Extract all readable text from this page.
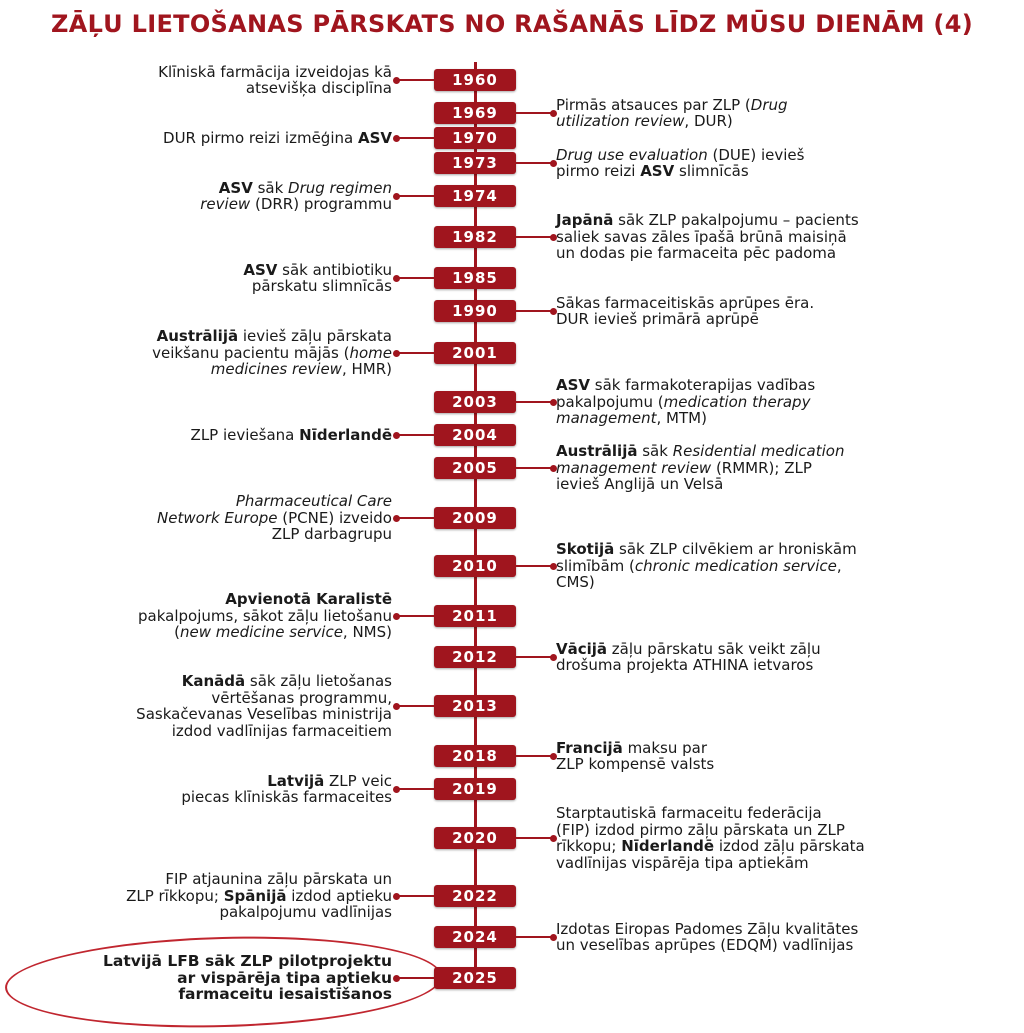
ZĀĻU LIETOŠANAS PĀRSKATS NO RAŠANĀS LĪDZ MŪSU DIENĀM (4)
1960
Klīniskā farmācija izveidojas kā
atsevišķa disciplīna
1969	Pirmās atsauces par ZLP (Drug
utilization review, DUR)
1970
DUR pirmo reizi izmēģina ASV
1973	Drug use evaluation (DUE) ievieš
pirmo reizi ASV slimnīcās
1974
ASV sāk Drug regimen
review (DRR) programmu
1982
Japānā sāk ZLP pakalpojumu – pacients
saliek savas zāles īpašā brūnā maisiņā
un dodas pie farmaceita pēc padoma
1985
ASV sāk antibiotiku
pārskatu slimnīcās
1990	Sākas farmaceitiskās aprūpes ēra.
DUR ievieš primārā aprūpē
2001
Austrālijā ievieš zāļu pārskata
veikšanu pacientu mājās (home
medicines review, HMR)
2003
ASV sāk farmakoterapijas vadības
pakalpojumu (medication therapy
management, MTM)
2004
ZLP ieviešana Nīderlandē
2005
Austrālijā sāk Residential medication
management review (RMMR); ZLP
ievieš Anglijā un Velsā
2009
Pharmaceutical Care
Network Europe (PCNE) izveido
ZLP darbagrupu
2010
Skotijā sāk ZLP cilvēkiem ar hroniskām
slimībām (chronic medication service,
CMS)
2011
Apvienotā Karalistē
pakalpojums, sākot zāļu lietošanu
(new medicine service, NMS)
2012	Vācijā zāļu pārskatu sāk veikt zāļu
drošuma projekta ATHINA ietvaros
2013
Kanādā sāk zāļu lietošanas
vērtēšanas programmu,
Saskačevanas Veselības ministrija
izdod vadlīnijas farmaceitiem
2018	Francijā maksu par
ZLP kompensē valsts
2019
Latvijā ZLP veic
piecas klīniskās farmaceites
2020
Starptautiskā farmaceitu federācija
(FIP) izdod pirmo zāļu pārskata un ZLP
rīkkopu; Nīderlandē izdod zāļu pārskata
vadlīnijas vispārēja tipa aptiekām
2022
FIP atjaunina zāļu pārskata un
ZLP rīkkopu; Spānijā izdod aptieku
pakalpojumu vadlīnijas
2024	Izdotas Eiropas Padomes Zāļu kvalitātes
un veselības aprūpes (EDQM) vadlīnijas
2025
Latvijā LFB sāk ZLP pilotprojektu
ar vispārēja tipa aptieku
farmaceitu iesaistīšanos
